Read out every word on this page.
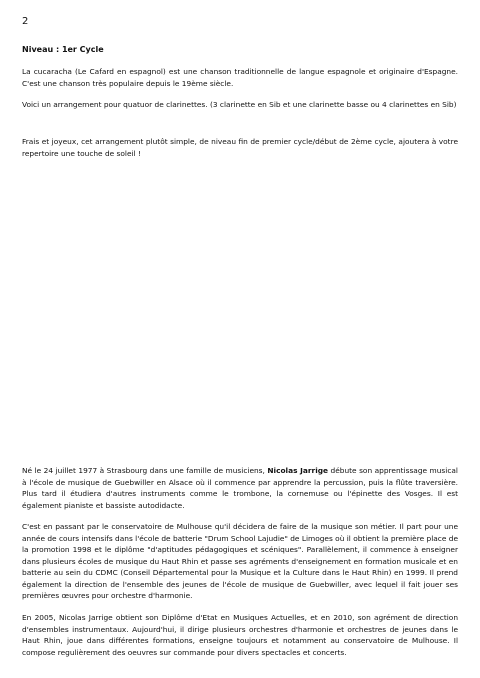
2
Niveau : 1er Cycle

La cucaracha (Le Cafard en espagnol) est une chanson traditionnelle de langue espagnole et originaire d'Espagne. C'est une chanson très populaire depuis le 19ème siècle.

Voici un arrangement pour quatuor de clarinettes. (3 clarinette en Sib et une clarinette basse ou 4 clarinettes en Sib)

Frais et joyeux, cet arrangement plutôt simple, de niveau fin de premier cycle/début de 2ème cycle, ajoutera à votre repertoire une touche de soleil !

Né le 24 juillet 1977 à Strasbourg dans une famille de musiciens, Nicolas Jarrige débute son apprentissage musical à l'école de musique de Guebwiller en Alsace où il commence par apprendre la percussion, puis la flûte traversière. Plus tard il étudiera d'autres instruments comme le trombone, la cornemuse ou l'épinette des Vosges. Il est également pianiste et bassiste autodidacte.

C'est en passant par le conservatoire de Mulhouse qu'il décidera de faire de la musique son métier. Il part pour une année de cours intensifs dans l'école de batterie "Drum School Lajudie" de Limoges où il obtient la première place de la promotion 1998 et le diplôme "d'aptitudes pédagogiques et scéniques". Parallèlement, il commence à enseigner dans plusieurs écoles de musique du Haut Rhin et passe ses agréments d'enseignement en formation musicale et en batterie au sein du CDMC (Conseil Départemental pour la Musique et la Culture dans le Haut Rhin) en 1999. Il prend également la direction de l'ensemble des jeunes de l'école de musique de Guebwiller, avec lequel il fait jouer ses premières œuvres pour orchestre d'harmonie.

En 2005, Nicolas Jarrige obtient son Diplôme d'Etat en Musiques Actuelles, et en 2010, son agrément de direction d'ensembles instrumentaux. Aujourd'hui, il dirige plusieurs orchestres d'harmonie et orchestres de jeunes dans le Haut Rhin, joue dans différentes formations, enseigne toujours et notamment au conservatoire de Mulhouse. Il compose regulièrement des oeuvres sur commande pour divers spectacles et concerts.
